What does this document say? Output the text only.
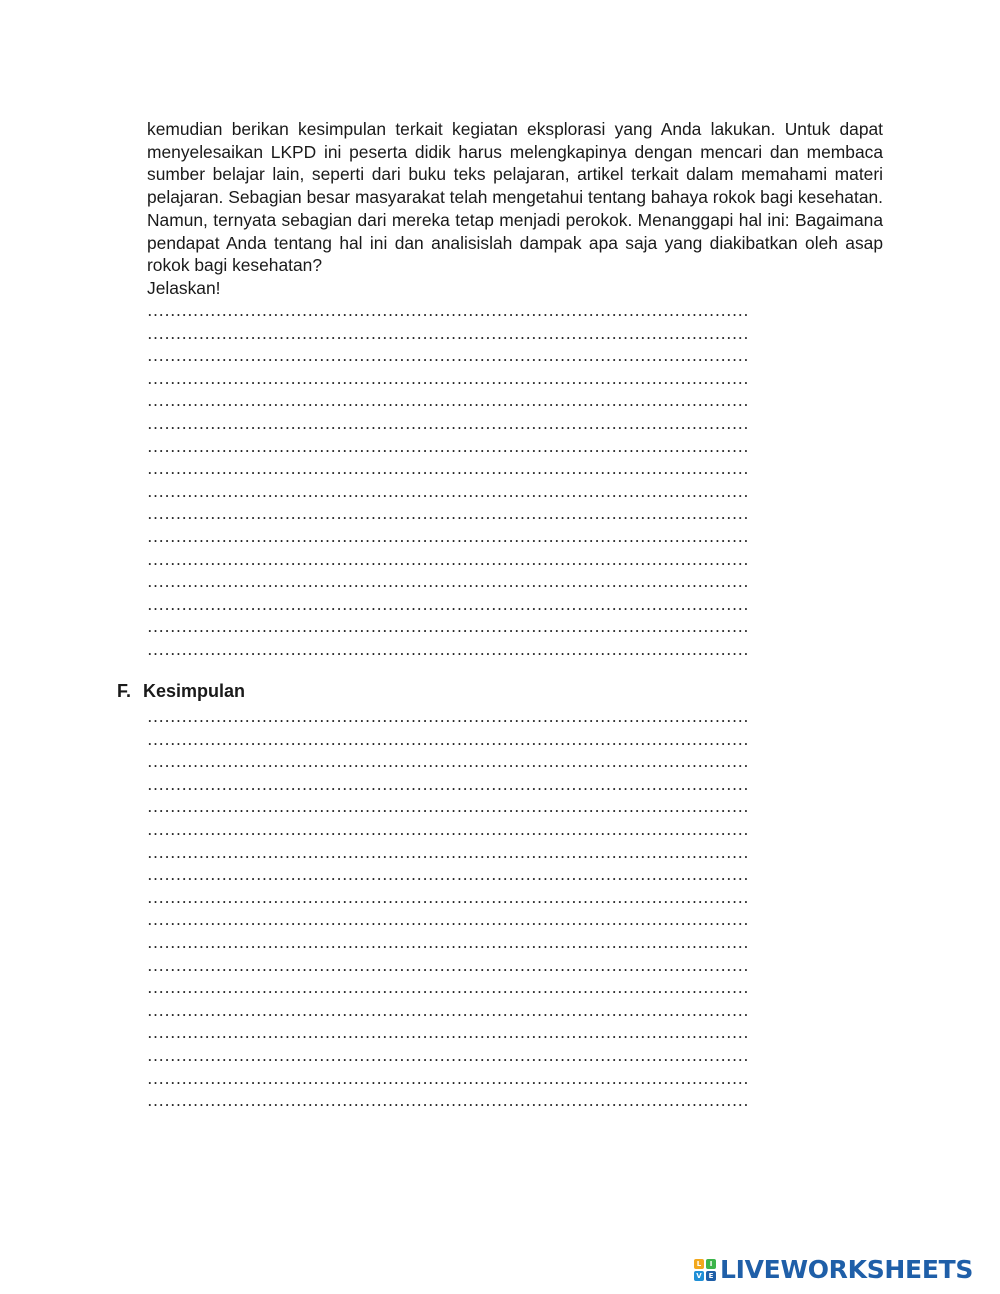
kemudian berikan kesimpulan terkait kegiatan eksplorasi yang Anda lakukan. Untuk dapat menyelesaikan LKPD ini peserta didik harus melengkapinya dengan mencari dan membaca sumber belajar lain, seperti dari buku teks pelajaran, artikel terkait dalam memahami materi pelajaran. Sebagian besar masyarakat telah mengetahui tentang bahaya rokok bagi kesehatan. Namun, ternyata sebagian dari mereka tetap menjadi perokok. Menanggapi hal ini: Bagaimana pendapat Anda tentang hal ini dan analisislah dampak apa saja yang diakibatkan oleh asap rokok bagi kesehatan?
Jelaskan!

……………………………………………………………………………………………
……………………………………………………………………………………………
……………………………………………………………………………………………
……………………………………………………………………………………………
……………………………………………………………………………………………
……………………………………………………………………………………………
……………………………………………………………………………………………
……………………………………………………………………………………………
……………………………………………………………………………………………
……………………………………………………………………………………………
……………………………………………………………………………………………
……………………………………………………………………………………………
……………………………………………………………………………………………
……………………………………………………………………………………………
……………………………………………………………………………………………
……………………………………………………………………………………………
F. Kesimpulan
……………………………………………………………………………………………
……………………………………………………………………………………………
……………………………………………………………………………………………
……………………………………………………………………………………………
……………………………………………………………………………………………
……………………………………………………………………………………………
……………………………………………………………………………………………
……………………………………………………………………………………………
……………………………………………………………………………………………
……………………………………………………………………………………………
……………………………………………………………………………………………
……………………………………………………………………………………………
……………………………………………………………………………………………
……………………………………………………………………………………………
……………………………………………………………………………………………
……………………………………………………………………………………………
……………………………………………………………………………………………
……………………………………………………………………………………………
L	I
V E LIVEWORKSHEETS
